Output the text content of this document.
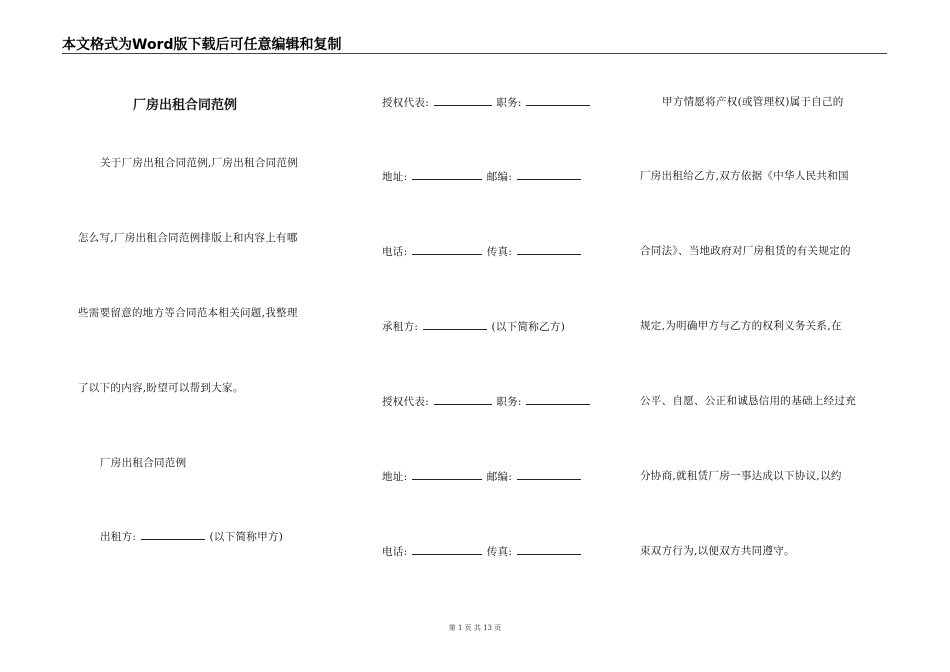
本文格式为Word版下载后可任意编辑和复制
厂房出租合同范例
关于厂房出租合同范例,厂房出租合同范例
怎么写,厂房出租合同范例排版上和内容上有哪
些需要留意的地方等合同范本相关问题,我整理
了以下的内容,盼望可以帮到大家。
厂房出租合同范例
出租方:	(以下简称甲方)
授权代表:	职务:
地址:	邮编:
电话:	传真:
承租方:	(以下简称乙方)
授权代表:	职务:
地址:	邮编:
电话:	传真:
甲方情愿将产权(或管理权)属于自己的
厂房出租给乙方,双方依据《中华人民共和国
合同法》、当地政府对厂房租赁的有关规定的
规定,为明确甲方与乙方的权利义务关系,在
公平、自愿、公正和诚恳信用的基础上经过充
分协商,就租赁厂房一事达成以下协议,以约
束双方行为,以便双方共同遵守。
第 1 页 共 13 页
